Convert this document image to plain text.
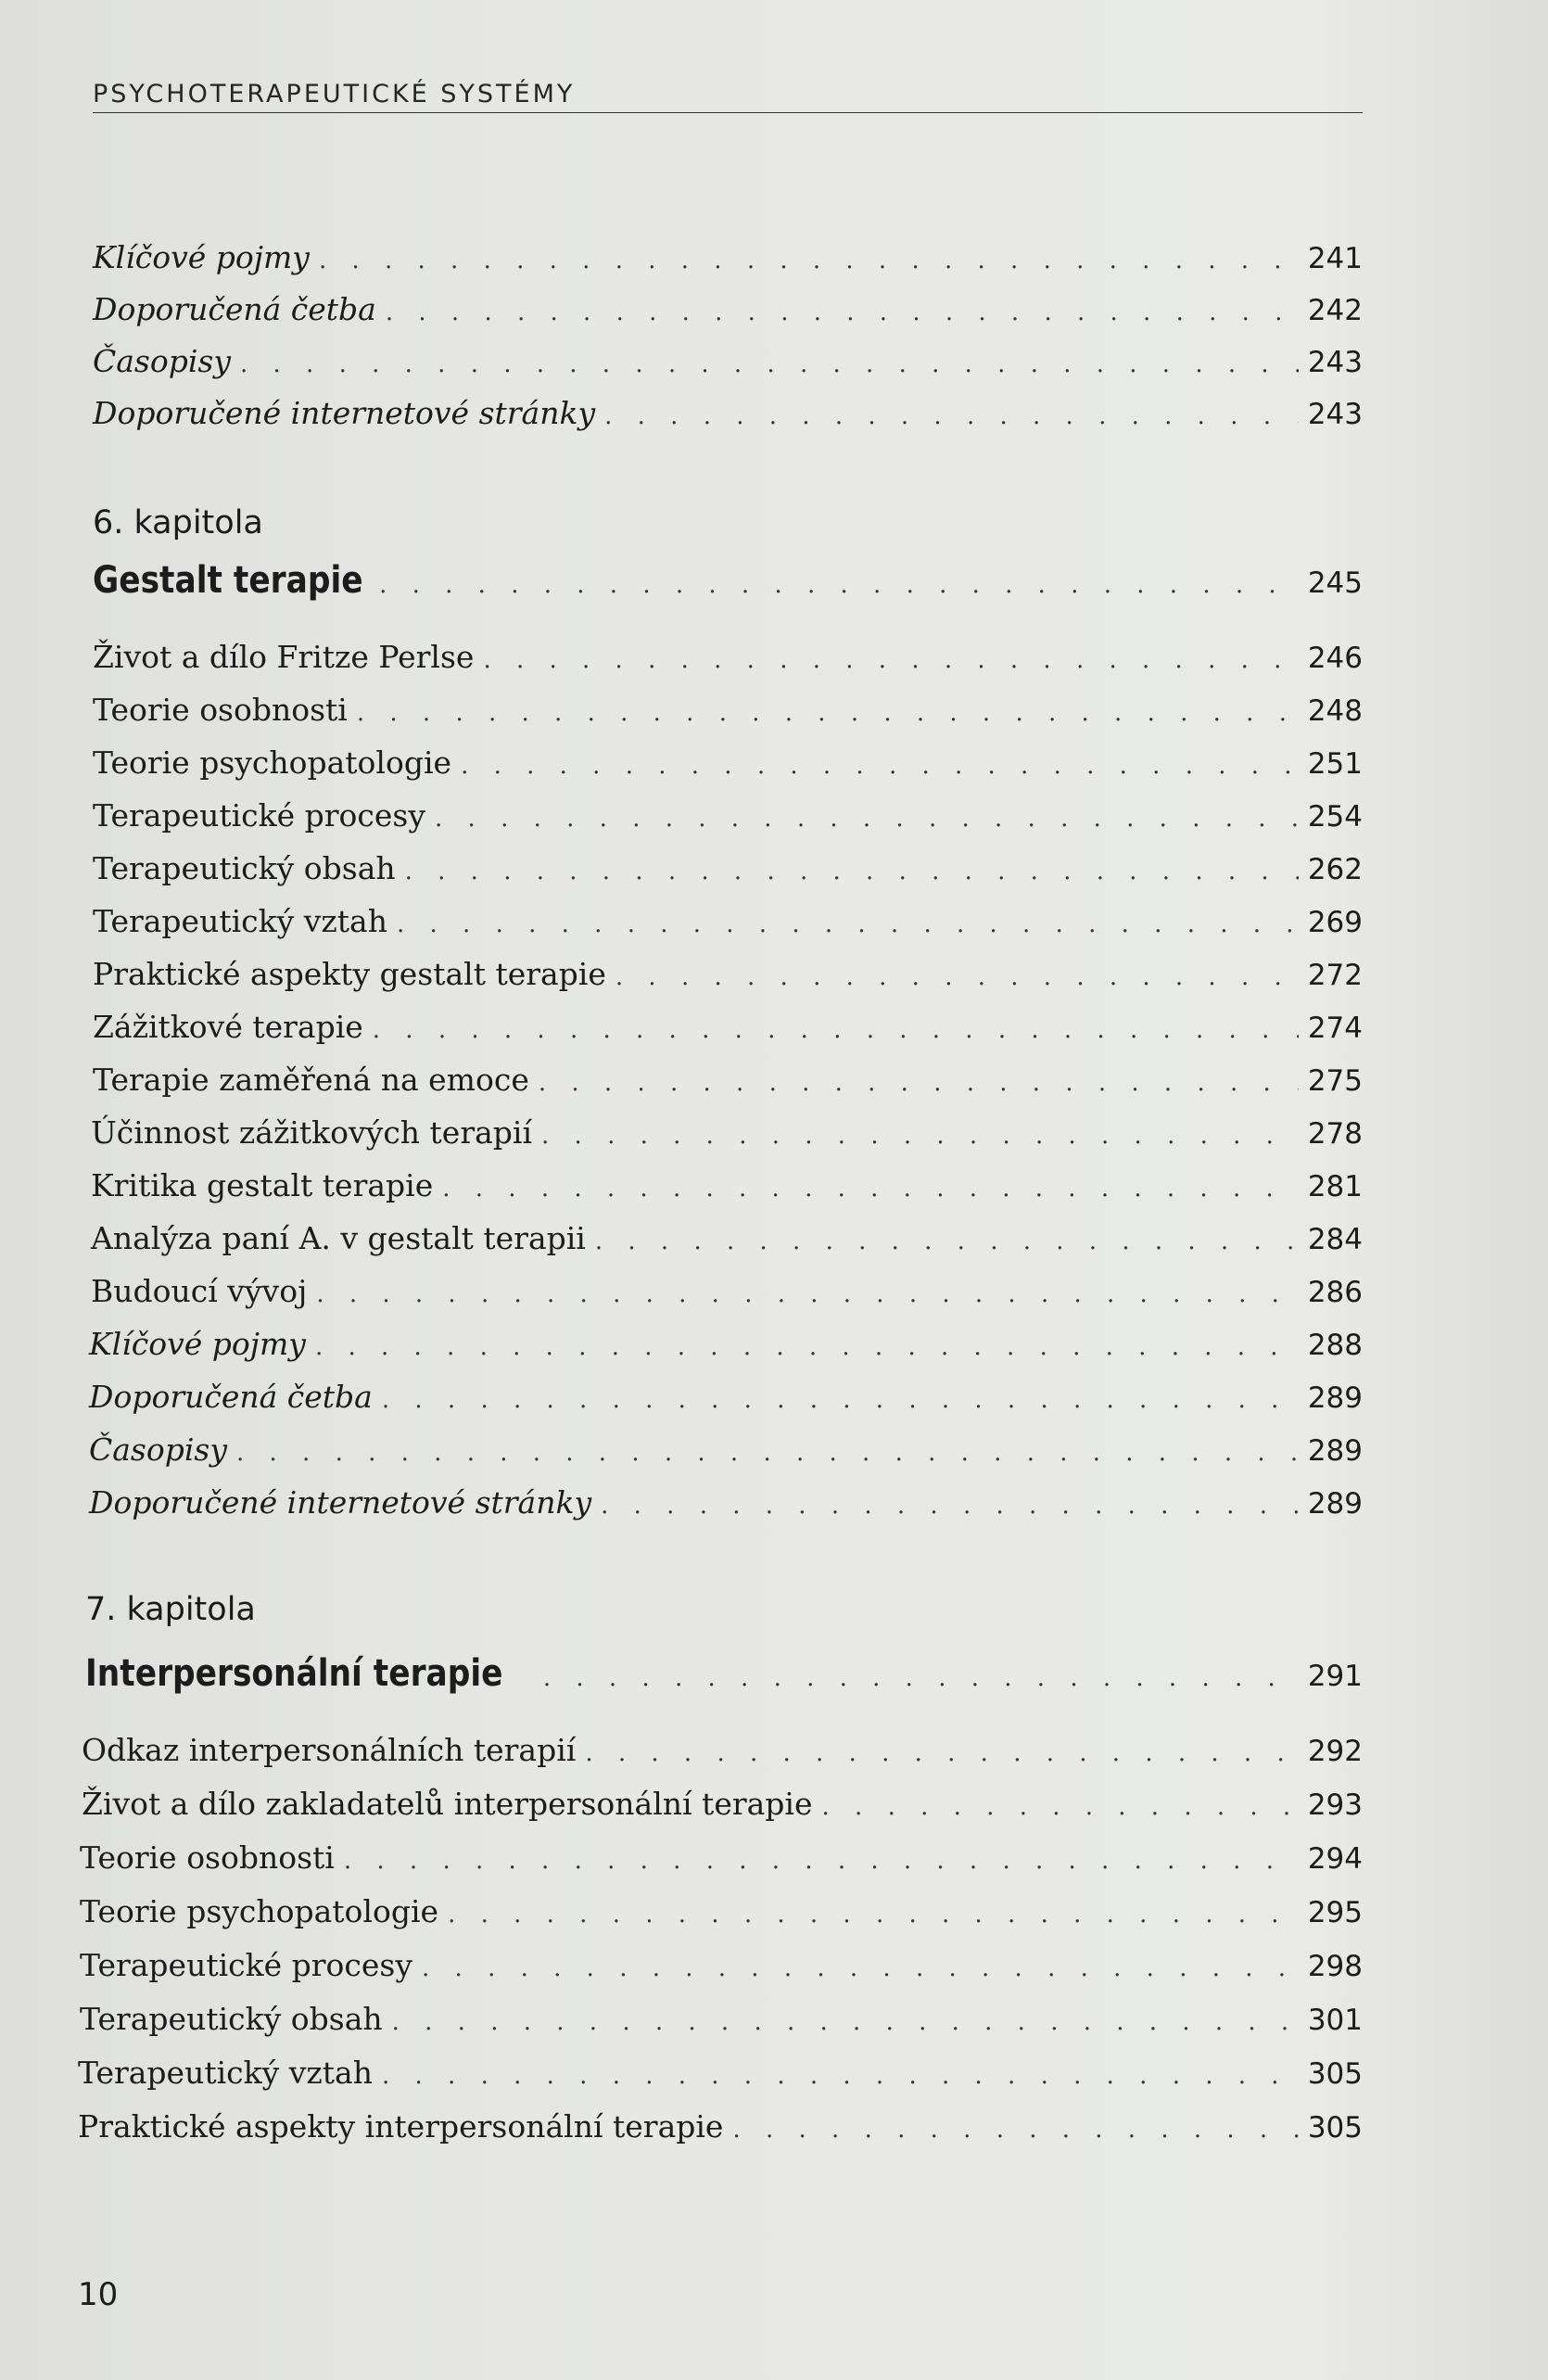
PSYCHOTERAPEUTICKÉ SYSTÉMY
Klíčové pojmy . . .	241
Doporučená četba . . .	242
Časopisy . . .	243
Doporučené internetové stránky . . .	243
6. kapitola
Gestalt terapie . . .	245
Život a dílo Fritze Perlse . . .	246
Teorie osobnosti . . .	248
Teorie psychopatologie . . .	251
Terapeutické procesy . . .	254
Terapeutický obsah . . .	262
Terapeutický vztah . . .	269
Praktické aspekty gestalt terapie . . .	272
Zážitkové terapie . . .	274
Terapie zaměřená na emoce . . .	275
Účinnost zážitkových terapií . . .	278
Kritika gestalt terapie . . .	281
Analýza paní A. v gestalt terapii . . .	284
Budoucí vývoj . . .	286
Klíčové pojmy . . .	288
Doporučená četba . . .	289
Časopisy . . .	289
Doporučené internetové stránky . . .	289
7. kapitola
Interpersonální terapie . . .	291
Odkaz interpersonálních terapií . . .	292
Život a dílo zakladatelů interpersonální terapie . . .	293
Teorie osobnosti . . .	294
Teorie psychopatologie . . .	295
Terapeutické procesy . . .	298
Terapeutický obsah . . .	301
Terapeutický vztah . . .	305
Praktické aspekty interpersonální terapie . . .	305
10
